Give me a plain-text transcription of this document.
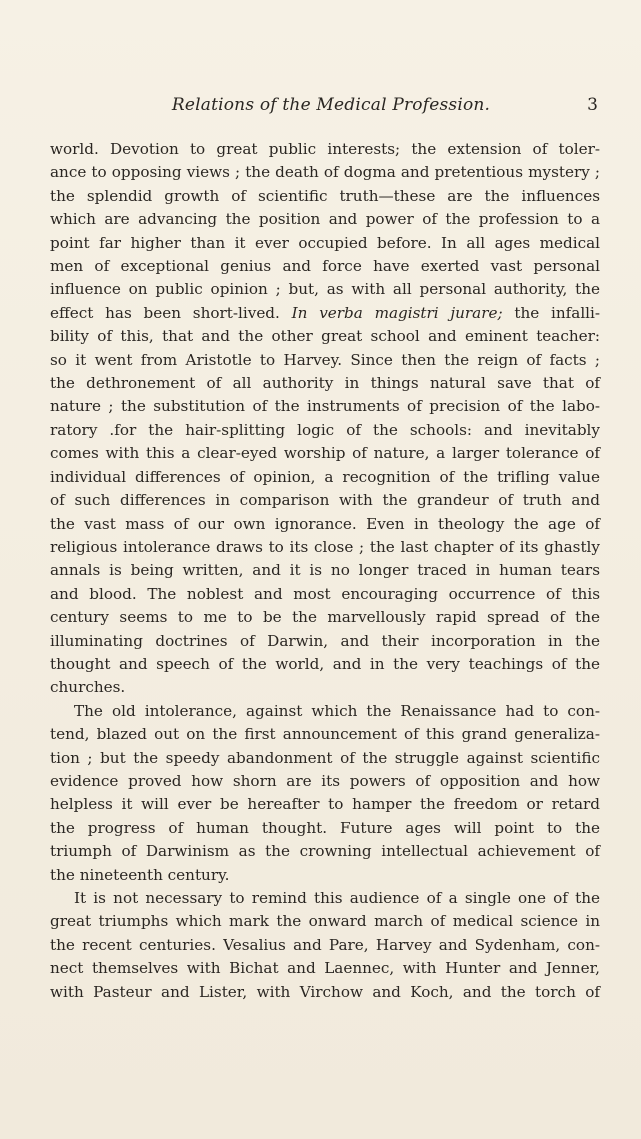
Relations of the Medical Profession.	3
world. Devotion to great public interests; the extension of toler-
ance to opposing views ; the death of dogma and pretentious mystery ;
the splendid growth of scientific truth—these are the influences
which are advancing the position and power of the profession to a
point far higher than it ever occupied before. In all ages medical
men of exceptional genius and force have exerted vast personal
influence on public opinion ; but, as with all personal authority, the
effect has been short-lived. In verba magistri jurare; the infalli-
bility of this, that and the other great school and eminent teacher:
so it went from Aristotle to Harvey. Since then the reign of facts ;
the dethronement of all authority in things natural save that of
nature ; the substitution of the instruments of precision of the labo-
ratory .for the hair-splitting logic of the schools: and inevitably
comes with this a clear-eyed worship of nature, a larger tolerance of
individual differences of opinion, a recognition of the trifling value
of such differences in comparison with the grandeur of truth and
the vast mass of our own ignorance. Even in theology the age of
religious intolerance draws to its close ; the last chapter of its ghastly
annals is being written, and it is no longer traced in human tears
and blood. The noblest and most encouraging occurrence of this
century seems to me to be the marvellously rapid spread of the
illuminating doctrines of Darwin, and their incorporation in the
thought and speech of the world, and in the very teachings of the
churches.
The old intolerance, against which the Renaissance had to con-
tend, blazed out on the first announcement of this grand generaliza-
tion ; but the speedy abandonment of the struggle against scientific
evidence proved how shorn are its powers of opposition and how
helpless it will ever be hereafter to hamper the freedom or retard
the progress of human thought. Future ages will point to the
triumph of Darwinism as the crowning intellectual achievement of
the nineteenth century.
It is not necessary to remind this audience of a single one of the
great triumphs which mark the onward march of medical science in
the recent centuries. Vesalius and Pare, Harvey and Sydenham, con-
nect themselves with Bichat and Laennec, with Hunter and Jenner,
with Pasteur and Lister, with Virchow and Koch, and the torch of
